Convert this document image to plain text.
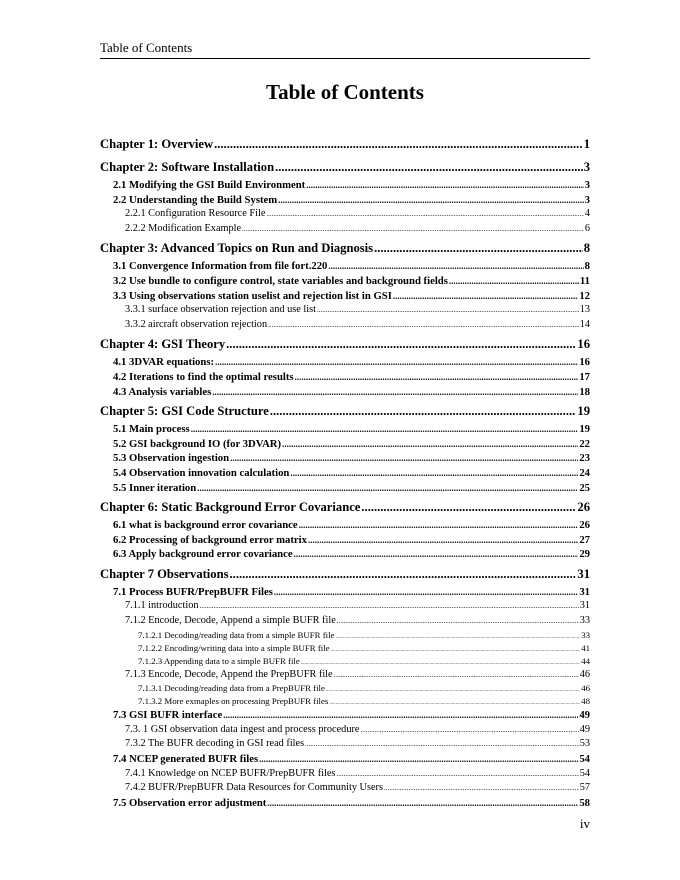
Table of Contents
Table of Contents
Chapter 1: Overview .....	1
Chapter 2: Software Installation .....	3
2.1 Modifying the GSI Build Environment .....	3
2.2 Understanding the Build System .....	3
2.2.1 Configuration Resource File .....	4
2.2.2 Modification Example .....	6
Chapter 3: Advanced Topics on Run and Diagnosis .....	8
3.1 Convergence Information from file fort.220 .....	8
3.2 Use bundle to configure control, state variables and background fields .....	11
3.3 Using observations station uselist and rejection list in GSI .....	12
3.3.1 surface observation rejection and use list .....	13
3.3.2 aircraft observation rejection .....	14
Chapter 4: GSI Theory .....	16
4.1 3DVAR equations: .....	16
4.2 Iterations to find the optimal results .....	17
4.3 Analysis variables .....	18
Chapter 5: GSI Code Structure .....	19
5.1 Main process .....	19
5.2 GSI background IO (for 3DVAR) .....	22
5.3 Observation ingestion .....	23
5.4 Observation innovation calculation .....	24
5.5 Inner iteration .....	25
Chapter 6: Static Background Error Covariance .....	26
6.1 what is background error covariance .....	26
6.2 Processing of background error matrix .....	27
6.3 Apply background error covariance .....	29
Chapter 7 Observations .....	31
7.1 Process BUFR/PrepBUFR Files .....	31
7.1.1 introduction .....	31
7.1.2 Encode, Decode, Append a simple BUFR file .....	33
7.1.2.1 Decoding/reading data from a simple BUFR file .....	33
7.1.2.2 Encoding/writing data into a simple BUFR file .....	41
7.1.2.3 Appending data to a simple BUFR file .....	44
7.1.3 Encode, Decode, Append the PrepBUFR file .....	46
7.1.3.1 Decoding/reading data from a PrepBUFR file .....	46
7.1.3.2 More exmaples on processing PrepBUFR files .....	48
7.3 GSI BUFR interface .....	49
7.3. 1 GSI observation data ingest and process procedure .....	49
7.3.2 The BUFR decoding in GSI read files .....	53
7.4 NCEP generated BUFR files .....	54
7.4.1 Knowledge on NCEP BUFR/PrepBUFR files .....	54
7.4.2 BUFR/PrepBUFR Data Resources for Community Users .....	57
7.5 Observation error adjustment .....	58
iv
